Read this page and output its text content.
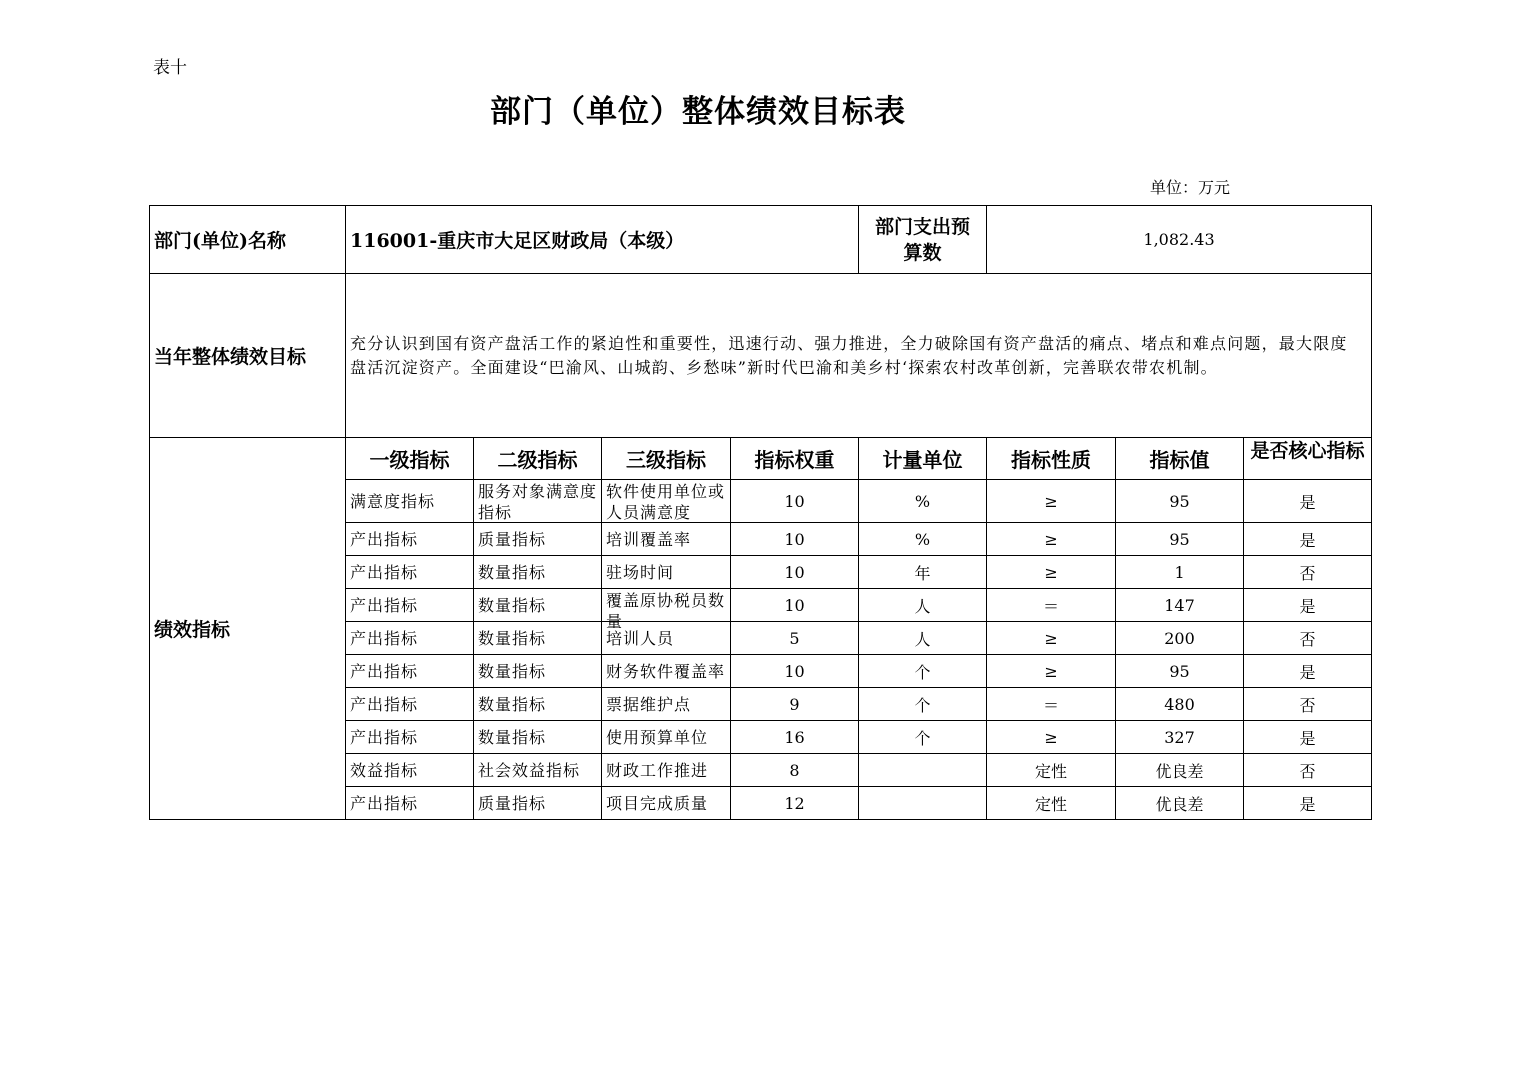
表十
部门（单位）整体绩效目标表
单位：万元
部门(单位)名称	116001-重庆市大足区财政局（本级）				部门支出预算数	1,082.43		
当年整体绩效目标	充分认识到国有资产盘活工作的紧迫性和重要性，迅速行动、强力推进，全力破除国有资产盘活的痛点、堵点和难点问题，最大限度盘活沉淀资产。全面建设“巴渝风、山城韵、乡愁味”新时代巴渝和美乡村‘探索农村改革创新，完善联农带农机制。							
绩效指标	一级指标	二级指标	三级指标	指标权重	计量单位	指标性质	指标值	是否核心指标

	满意度指标	服务对象满意度指标	软件使用单位或人员满意度	10	%	≥	95	是
	产出指标	质量指标	培训覆盖率	10	%	≥	95	是
	产出指标	数量指标	驻场时间	10	年	≥	1	否
	产出指标	数量指标	覆盖原协税员数量	10	人	＝	147	是
	产出指标	数量指标	培训人员	5	人	≥	200	否
	产出指标	数量指标	财务软件覆盖率	10	个	≥	95	是
	产出指标	数量指标	票据维护点	9	个	＝	480	否
	产出指标	数量指标	使用预算单位	16	个	≥	327	是
	效益指标	社会效益指标	财政工作推进	8		定性	优良差	否
	产出指标	质量指标	项目完成质量	12		定性	优良差	是
